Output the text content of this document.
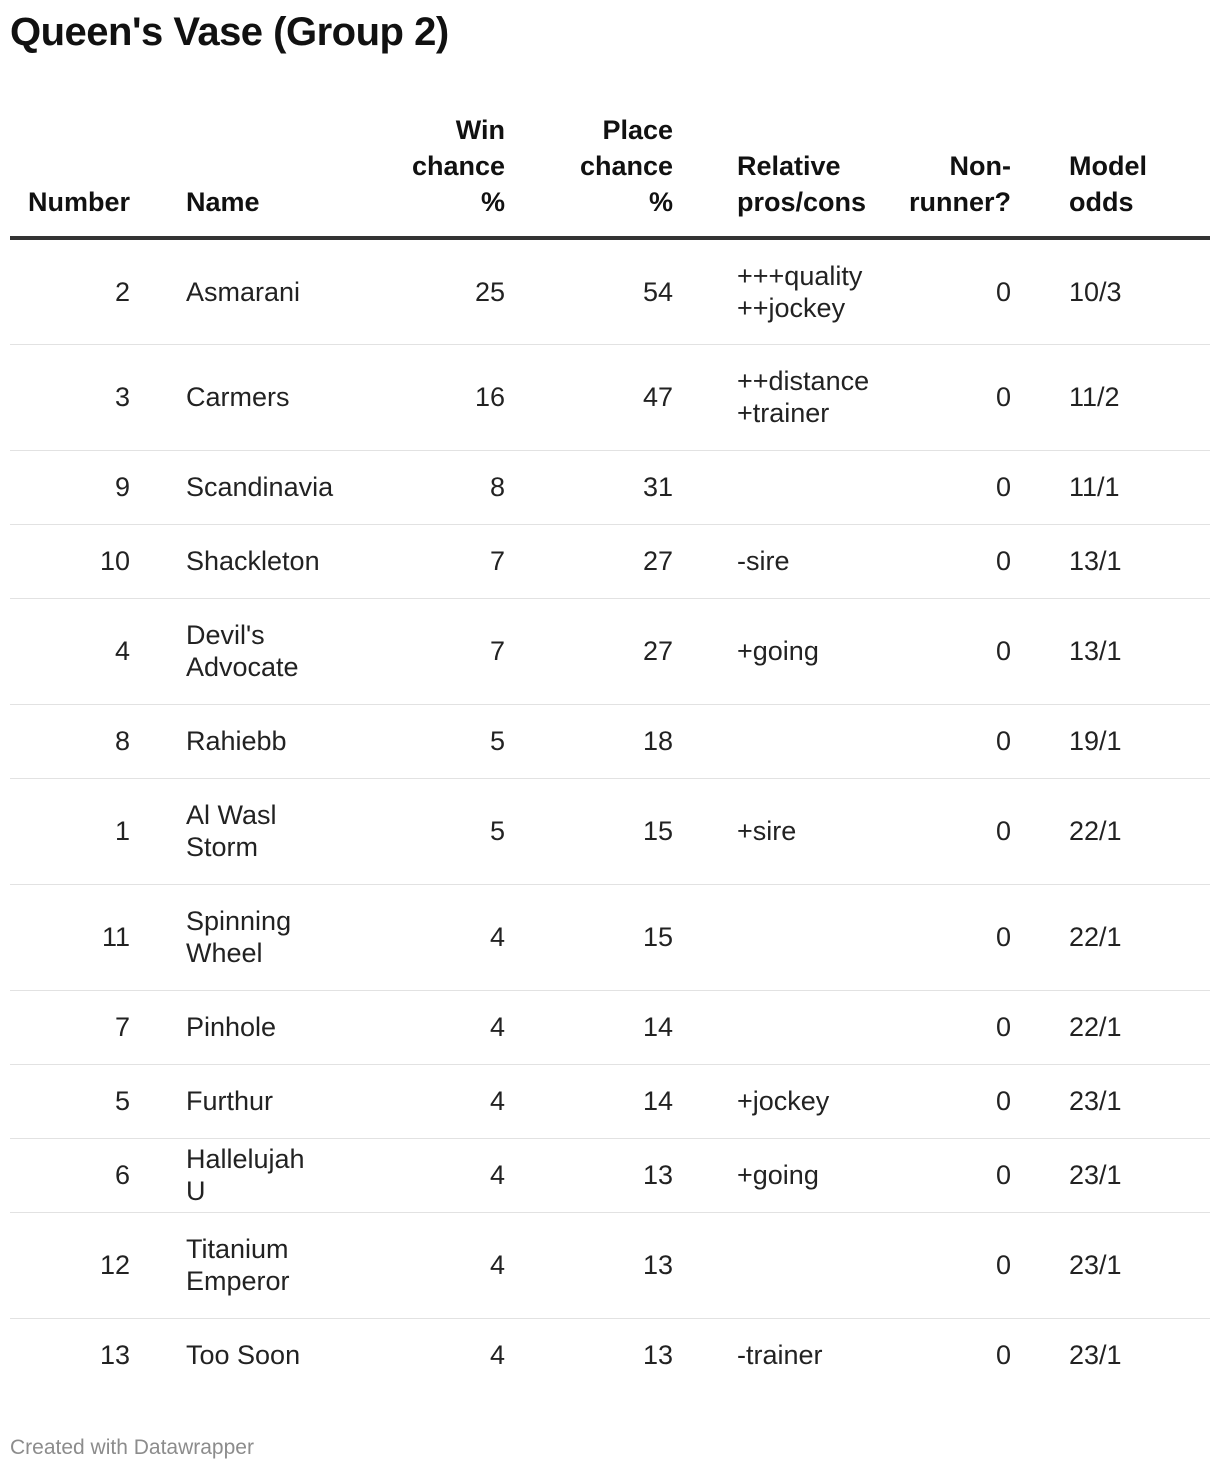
Queen's Vase (Group 2)
Number	Name	Win
chance
%	Place
chance
%	Relative
pros/cons	Non-
runner?	Model
odds
2	Asmarani	25	54	+++quality
++jockey	0	10/3
3	Carmers	16	47	++distance
+trainer	0	11/2
9	Scandinavia	8	31		0	11/1
10	Shackleton	7	27	-sire	0	13/1
4	Devil's
Advocate	7	27	+going	0	13/1
8	Rahiebb	5	18		0	19/1
1	Al Wasl
Storm	5	15	+sire	0	22/1
11	Spinning
Wheel	4	15		0	22/1
7	Pinhole	4	14		0	22/1
5	Furthur	4	14	+jockey	0	23/1
6	Hallelujah U	4	13	+going	0	23/1
12	Titanium
Emperor	4	13		0	23/1
13	Too Soon	4	13	-trainer	0	23/1
Created with Datawrapper
